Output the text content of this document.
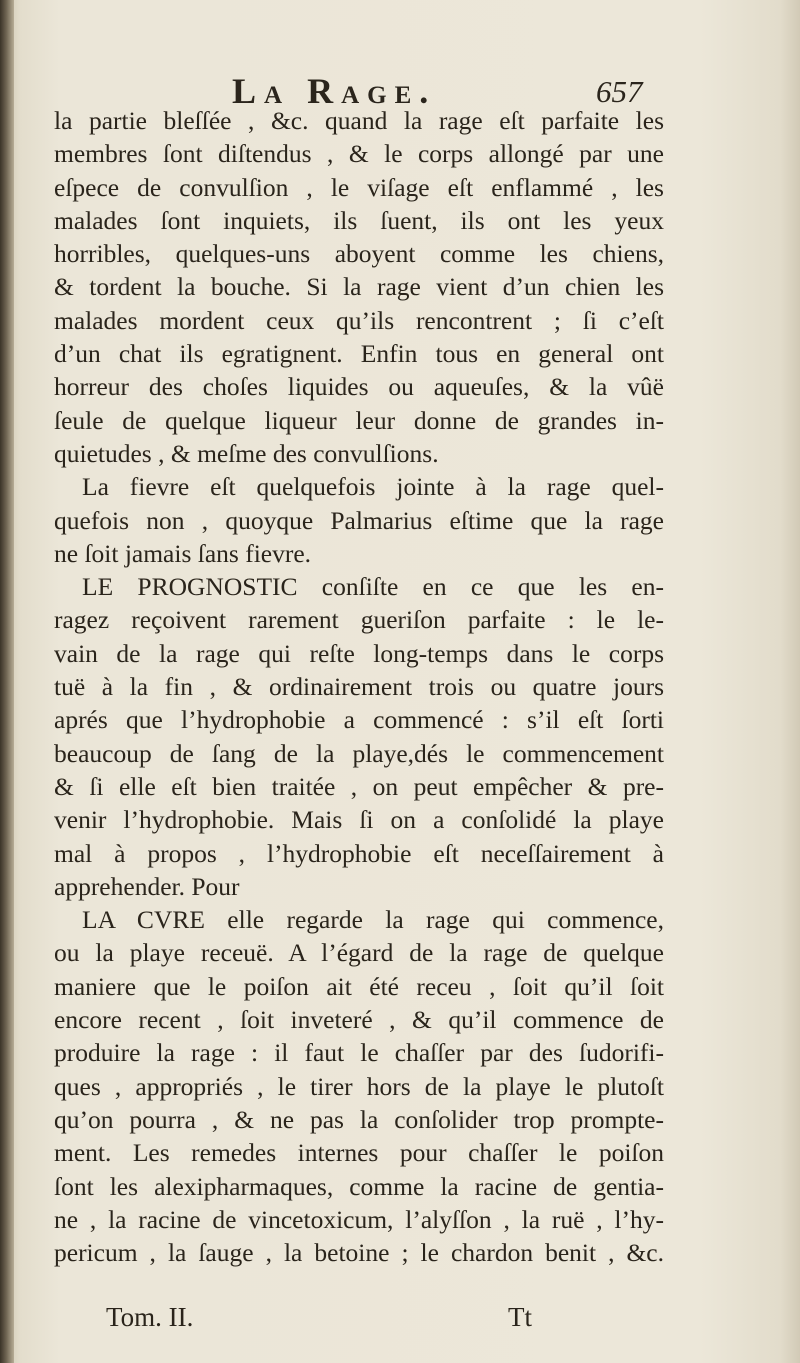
La Rage.	657
la partie bleſſée , &c. quand la rage eſt parfaite les
membres ſont diſtendus , & le corps allongé par une
eſpece de convulſion , le viſage eſt enflammé , les
malades ſont inquiets, ils ſuent, ils ont les yeux
horribles, quelques-uns aboyent comme les chiens,
& tordent la bouche. Si la rage vient d’un chien les
malades mordent ceux qu’ils rencontrent ; ſi c’eſt
d’un chat ils egratignent. Enfin tous en general ont
horreur des choſes liquides ou aqueuſes, & la vûë
ſeule de quelque liqueur leur donne de grandes in-
quietudes , & meſme des convulſions.
La fievre eſt quelquefois jointe à la rage quel-
quefois non , quoyque Palmarius eſtime que la rage
ne ſoit jamais ſans fievre.
LE PROGNOSTIC conſiſte en ce que les en-
ragez reçoivent rarement gueriſon parfaite : le le-
vain de la rage qui reſte long-temps dans le corps
tuë à la fin , & ordinairement trois ou quatre jours
aprés que l’hydrophobie a commencé : s’il eſt ſorti
beaucoup de ſang de la playe,dés le commencement
& ſi elle eſt bien traitée , on peut empêcher & pre-
venir l’hydrophobie. Mais ſi on a conſolidé la playe
mal à propos , l’hydrophobie eſt neceſſairement à
apprehender. Pour
LA CVRE elle regarde la rage qui commence,
ou la playe receuë. A l’égard de la rage de quelque
maniere que le poiſon ait été receu , ſoit qu’il ſoit
encore recent , ſoit inveteré , & qu’il commence de
produire la rage : il faut le chaſſer par des ſudorifi-
ques , appropriés , le tirer hors de la playe le plutoſt
qu’on pourra , & ne pas la conſolider trop prompte-
ment. Les remedes internes pour chaſſer le poiſon
ſont les alexipharmaques, comme la racine de gentia-
ne , la racine de vincetoxicum, l’alyſſon , la ruë , l’hy-
pericum , la ſauge , la betoine ; le chardon benit , &c.
Tom. II.	Tt
